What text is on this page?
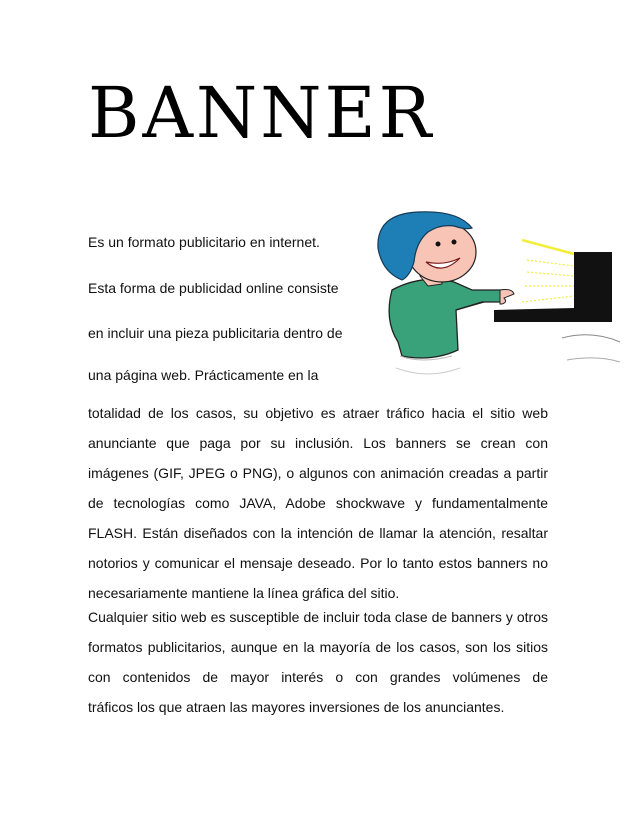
BANNER

Es un formato publicitario en internet.

Esta forma de publicidad online consiste

en incluir una pieza publicitaria dentro de

una página web. Prácticamente en la

totalidad de los casos, su objetivo es atraer tráfico hacia el sitio web anunciante que paga por su inclusión. Los banners se crean con imágenes (GIF, JPEG o PNG), o algunos con animación creadas a partir de tecnologías como JAVA, Adobe shockwave y fundamentalmente FLASH. Están diseñados con la intención de llamar la atención, resaltar notorios y comunicar el mensaje deseado. Por lo tanto estos banners no
necesariamente mantiene la línea gráfica del sitio.

Cualquier sitio web es susceptible de incluir toda clase de banners y otros formatos publicitarios, aunque en la mayoría de los casos, son los sitios con contenidos de mayor interés o con grandes volúmenes de
tráficos los que atraen las mayores inversiones de los anunciantes.
